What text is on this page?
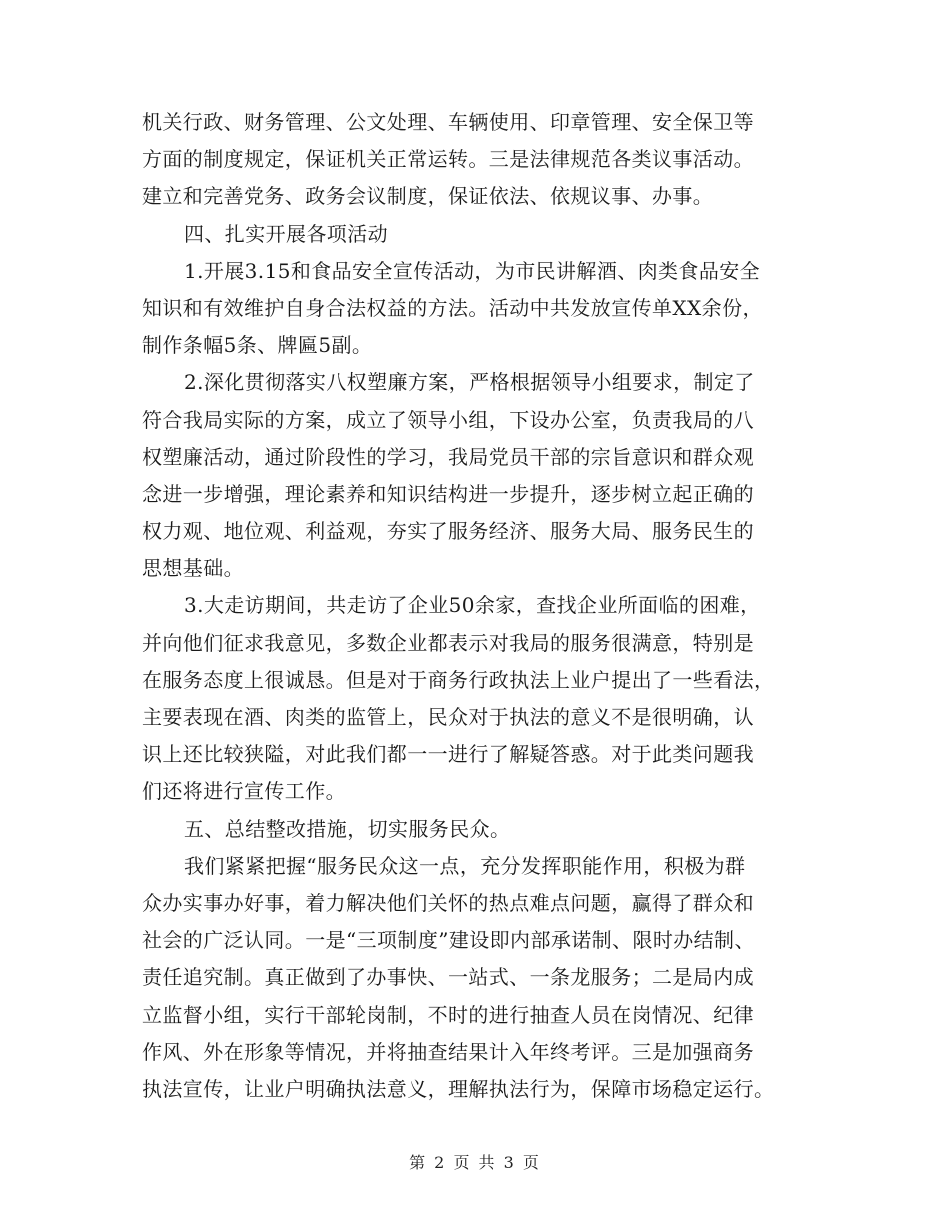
机关行政、财务管理、公文处理、车辆使用、印章管理、安全保卫等
方面的制度规定，保证机关正常运转。三是法律规范各类议事活动。
建立和完善党务、政务会议制度，保证依法、依规议事、办事。
四、扎实开展各项活动
1.开展3.15和食品安全宣传活动，为市民讲解酒、肉类食品安全
知识和有效维护自身合法权益的方法。活动中共发放宣传单XX余份，
制作条幅5条、牌匾5副。
2.深化贯彻落实八权塑廉方案，严格根据领导小组要求，制定了
符合我局实际的方案，成立了领导小组，下设办公室，负责我局的八
权塑廉活动，通过阶段性的学习，我局党员干部的宗旨意识和群众观
念进一步增强，理论素养和知识结构进一步提升，逐步树立起正确的
权力观、地位观、利益观，夯实了服务经济、服务大局、服务民生的
思想基础。
3.大走访期间，共走访了企业50余家，查找企业所面临的困难，
并向他们征求我意见，多数企业都表示对我局的服务很满意，特别是
在服务态度上很诚恳。但是对于商务行政执法上业户提出了一些看法，
主要表现在酒、肉类的监管上，民众对于执法的意义不是很明确，认
识上还比较狭隘，对此我们都一一进行了解疑答惑。对于此类问题我
们还将进行宣传工作。
五、总结整改措施，切实服务民众。
我们紧紧把握“服务民众这一点，充分发挥职能作用，积极为群
众办实事办好事，着力解决他们关怀的热点难点问题，赢得了群众和
社会的广泛认同。一是“三项制度”建设即内部承诺制、限时办结制、
责任追究制。真正做到了办事快、一站式、一条龙服务；二是局内成
立监督小组，实行干部轮岗制，不时的进行抽查人员在岗情况、纪律
作风、外在形象等情况，并将抽查结果计入年终考评。三是加强商务
执法宣传，让业户明确执法意义，理解执法行为，保障市场稳定运行。
第 2 页 共 3 页
